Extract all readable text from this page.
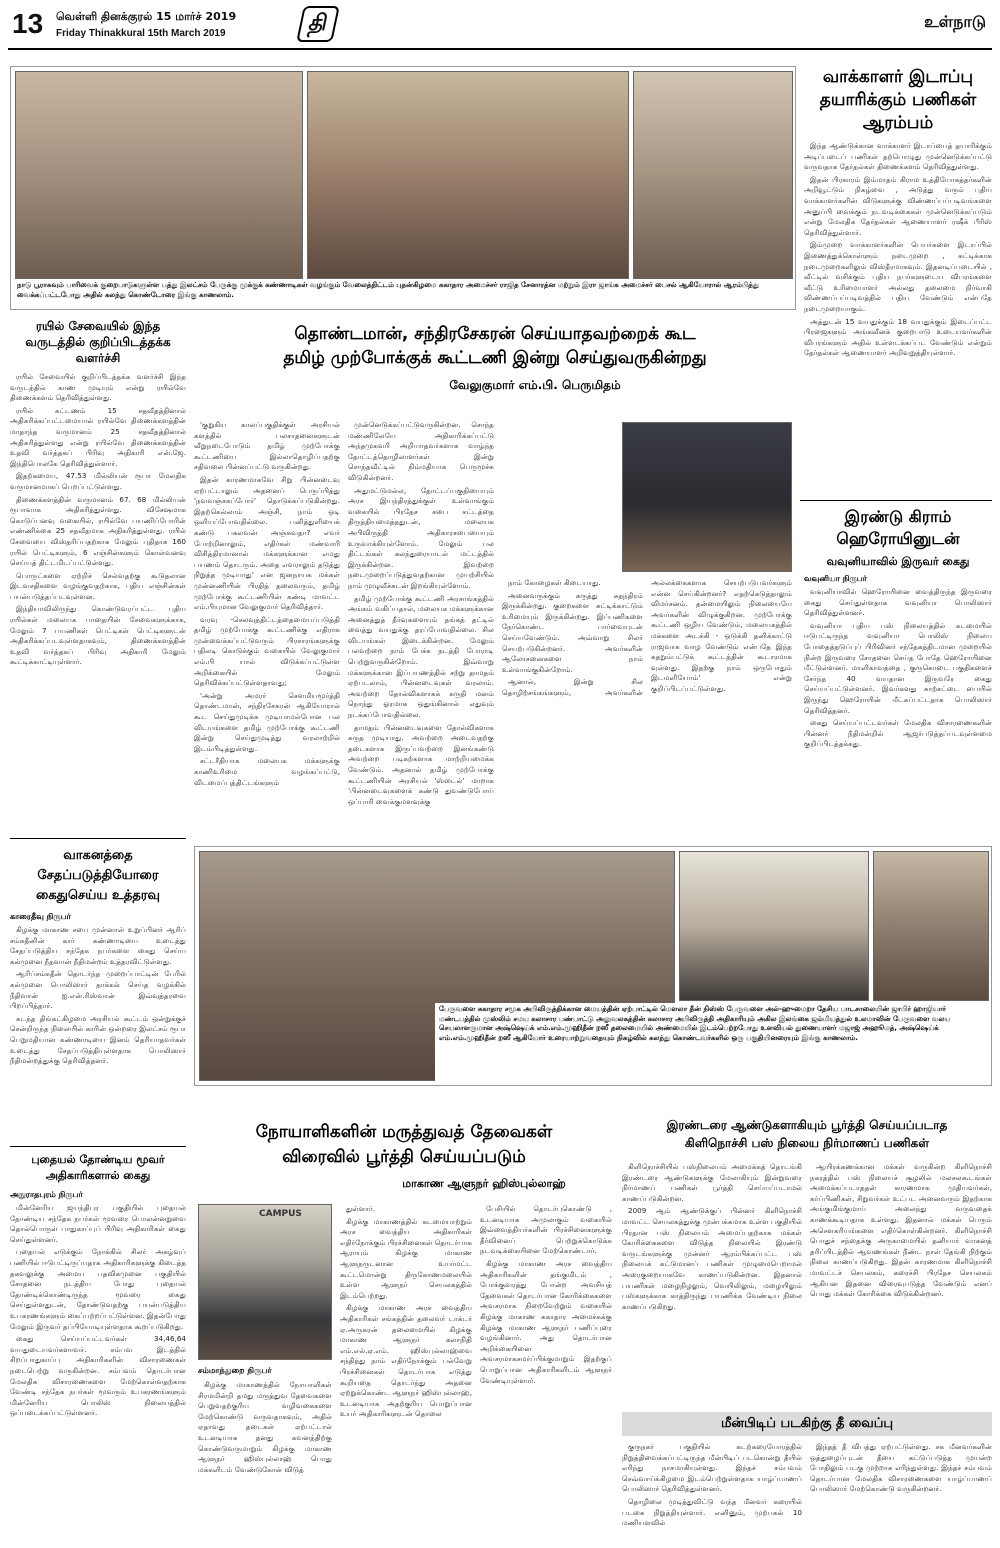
13 வெள்ளி தினக்குரல் 15 மார்ச் 2019
Friday Thinakkural 15th March 2019	தி	உள்நாடு
நாடு பூராகவும் பாரிவைக் குறைபாடுகளுள்ள பத்து இலட்சம் பேருக்கு முக்குக் கண்ணாடிகள் வழங்கும் வேலைத்திட்டம் புதன்கிழமை சுகாதார அமைச்சர் ராஜித சேனாரத்ன மற்றும் இரா ஜாங்க அமைச்சர் பைசல் ஆகியோரால் ஆரம்பித்து வைக்கப்பட்டபோது அதில் கலந்து கொண்டோரை இங்கு காணலாம்.
வாக்காளர் இடாப்பு தயாரிக்கும் பணிகள் ஆரம்பம்

இந்த ஆண்டுக்கான வாக்காளர் இடாப்பைத் தயாரிக்கும் அடிப்படைப் பணிகள் தற்பொழுது முன்னெடுக்கப்பட்டு வருவதாக தேர்தல்கள் திணைக்களம் தெரிவித்துள்ளது.

இதன் பிரகாரம் இம்மாதம் கிராம உத்தியோகத்தர்களின் அறிவூட்டும் நிகழ்வை , அடுத்து வரும் புதிய வாக்காளர்களின் விடுகளுக்கு விண்ணப்பப்படிவங்களை அனுப்பி வைக்கும் நடவடிக்கைகள் முன்னெடுக்கப்படும் என்று மேலதிக தேர்தல்கள் ஆணையாளர் ரஷீக் பீரிஸ் தெரிவித்துள்ளார்.

இம்முறை வாக்காளர்களின் பெயர்களை இடாப்பில் இணைத்துக்கொள்ளும் நடைமுறை , சுட்டிக்காக நடைமுறைகளிலும் விஸ்தீரமாகவும். இதனடிப்படையில் , வீட்டில் வசிக்கும் புதிய நபர்களுடைய விபரங்களை வீட்டு உரிமையாளர் அல்லது தலைமை நிர்வாகி விண்ணப்பப்படிவத்தில் பதிய வேண்டும் என்பதே நடைமுறையாகும்.

அத்துடன் 15 வயதுக்கும் 18 வயதுக்கும் இடைப்பட்ட பிரஜைகளும் அங்கவீனக் குறைபாடு உடையவர்களின் விபரங்களும் அதில் உள்ளடக்கப்பட வேண்டும் என்றும் தேர்தல்கள் ஆணையாளர் அறிவுறுத்தியுள்ளார்.

இரண்டு கிராம் ஹெரோயினுடன்
வவுனியாவில் இருவர் கைது
வவுனியா நிருபர்

வவுனியாவில் ஹெரோயினை வைத்திருந்த இருவரை கைது செய்துள்ளதாக வவுனியா பொலிஸார் தெரிவித்துள்ளனர்.

வவுனியா புதிய பஸ் நிலையத்தில் கடமையில் ஈடுபட்டிருந்த வவுனியா பொலிஸ் நிலைய போதைத்தடுப்புப் பிரிவினர் சந்தேகத்திடமான முறையில் நின்ற இருவரை சோதனை செய்த போதே ஹெரோயினை மீட்டுள்ளனர். மாளிகாவத்தை , குருகொடை பகுதிகளைச் சேர்ந்த 40 வயதான இருவரே கைது செய்யப்பட்டுள்ளனர். இவர்களது காற்சட்டை பையில் இருந்து ஹெரோயின் மீட்கப்பட்டதாக பொலிஸார் தெரிவித்தனர்.

கைது செய்யப்பட்டவர்கள் மேலதிக விசாரணைகளின் பின்னர் நீதிமன்றில் ஆஜர்படுத்தப்படவுள்ளமை குறிப்பிடத்தக்கது.

ரயில் சேவையில் இந்த வருடத்தில் குறிப்பிடத்தக்க வளர்ச்சி

ரயில் சேவையில் குறிப்பிடத்தக்க வளர்ச்சி இந்த வருடத்தில் காண முடியும் என்று ரயில்வே திணைக்களம் தெரிவித்துள்ளது.

ரயில் கட்டணம் 15 சதவீதத்தினால் அதிகரிக்கப்பட்டமையால் ரயில்வே திணைக்களத்தின் மாதாந்த வருமானம் 25 சதவீதத்தினால் அதிகரித்துள்ளது என்று ரயில்வே திணைக்களத்தின் உதவி வர்த்தகப் பிரிவு அதிகாரி என்.ஜே. இந்திபொலகே தெரிவித்துள்ளார்.

இதற்கமைய, 47.53 மில்லியன் ரூபா மேலதிக வருமானமாகப் பெறப்பட்டுள்ளது.

திணைக்களத்தின் வருமானம் 67. 68 மில்லியன் ரூபாவாக அதிகரித்துள்ளது. விசேஷமாக கொடுப்பனவு வகையில், ரயில்வே பயணிப்போரின் எண்ணிக்கை 25 சதவீதமாக அதிகரித்துள்ளது. ரயில் சேவையை விஸ்தரிப்பதற்காக மேலும் புதிதாக 160 ரயில் பெட்டிகளும், 6 எஞ்சின்களும் கொள்வனவு செய்யத் திட்டமிடப்பட்டுள்ளது.

பொருட்களை ஏற்றிச் செல்வதற்கு கூடுதலான இடவசதிகளை வழங்குவதற்காக, புதிய எஞ்சின்கள் பயன்படுத்தப்படவுள்ளன.

இந்தியாவிலிருந்து கொண்டுவரப்பட்ட புதிய ரயில்கள் மலையக பாதையின் சேவைகளுக்காக, மேலும் 7 பயணிகள் பெட்டிகள் பெட்டிகளுடன் அதிகரிக்கப்படவுள்ளதாகவும், திணைக்களத்தின் உதவி வர்த்தகப் பிரிவு அதிகாரி மேலும் கூட்டிக்காட்டியுள்ளார்.

தொண்டமான், சந்திரசேகரன் செய்யாதவற்றைக் கூட
தமிழ் முற்போக்குக் கூட்டணி இன்று செய்துவருகின்றது
வேலுகுமார் எம்.பி. பெருமிதம்

'குறுகிய காலப்பகுதிக்குள் அரசியல் களத்தில் பலசாதனைகளுடன் வீறுநடைபோடும் தமிழ் முற்போக்கு கூட்டணியை இல்லாதொழிப்பதற்கு சதிவலை பின்னப்பட்டு வருகின்றது.

இதன் காரணமாகவே சிறு பின்னடைவு ஏற்பட்டாலும் அதனைப் பெருப்பித்து 'நவவஞ்சகப்போர்' தொடுக்கப்படுகின்றது. இதற்கெல்லாம் அஞ்சி, நாம் ஒடி ஒளியப்போவதில்லை. பனித்துளியைக் கண்டு பகலவன் அஞ்சுவதா? எவர் போற்றினாலும், எதிர்கள் மண்வாரி விசித்திரமானால் மக்களுக்கான எமது பயணம் தொடரும். அதை எவராலும் தடுத்து நிறுத்த முடியாது' என ஜனநாயக மக்கள் முன்னணியின் பிரதித் தலைவரும், தமிழ் முற்போக்கு கூட்டணியின் கண்டி மாவட்ட எம்.பியுமான வேலுகுமார் தெரிவித்தார்.

வரவு -செலவுத்திட்டத்தைமையப்படுத்தி தமிழ் முற்போக்கு கூட்டணிக்கு எதிராக முன்வைக்கப்பட்டுவரும் பிரசாரங்களுக்கு பதிலடி கொடுக்கும் வகையில் வேலுகுமார் எம்.பி யால் விடுக்கப்பட்டுள்ள அறிக்கையில் மேலும் தெரிவிக்கப்பட்டுள்ளதாவது;

'அன்று அமரர் சௌமியமூர்த்தி தொண்டமான், சந்திரசேகரன் ஆகியோரால் கூட செய்துமுடிக்க முடியாமல்போன பல விடயங்களை தமிழ் முற்போக்கு கூட்டணி இன்று செய்துமுடித்து வரலாற்றில் இடம்பிடித்துள்ளது.

சட்டரீதியாக மலையக மக்களுக்கு காணிஉரிமை வழங்கப்பட்டு, விடமைப்புத்திட்டங்களும்

முன்னெடுக்கப்பட்டுவருகின்றன. சொந்த மண்ணிலேயே அதிகாரிக்கப்பட்டு அந்தமுகவரி அறியாதவர்களாக வாழ்ந்த தோட்டத்தொழிலாளர்கள் இன்று சொந்தவீட்டில் நிம்மதியாக பெருமூச்சு விடுகின்றனர்.

அதுமட்டுமல்ல, தோட்டப்பகுதியையும் அரச இயந்திரத்துக்குள் உள்வாங்கும் வகையில் பிரதேச சபை சட்டத்தை திருத்தியமைத்ததுடன், மலையக அபிவிருத்தி அதிகாரசபையையும் உருவாக்கியுள்ளோம். மேலும் பல திட்டங்கள் கலந்துரையாடல் மட்டத்தில் இருக்கின்றன. இவற்றை நடைமுறைப்படுத்துவதற்கான முயற்சியில் நாம் முழுவீச்சுடன் இறங்கியுள்ளோம்.

தமிழ் முற்போக்கு கூட்டணி அரசாங்கத்தில் அங்கம் வகிப்பதால், மலையக மக்களுக்கான அனைத்துத் தீர்வுகளையும் தங்கத் தட்டில் வைத்து வயதுக்கு தரப்போவதில்லை. சில விடயங்கள் இடைக்கின்றன. மேலும் பலவற்றை நாம் பேச்சு நடத்தி போராடி பெற்றுவருகின்றோம். இவ்வாறு மக்களுக்கான இப்பயணத்தில் சற்று தாமதம் ஏற்படலாம், பின்னடைவுகள் வரலாம். அவற்றை தோல்விகளாகக் கருதி மனம் நொந்து ஓரமாக ஒதுங்கினால் எதுவும் நடக்கப்போவதில்லை.

தாமதம் பின்னடைவுகளை தோல்விகளாக கருத முடியாது. அவற்றை அடைவதற்கு தடைகளாக இருப்பவற்றை இனங்கண்டு அவற்றை படிகற்களாக மாற்றியமைக்க வேண்டும். அதனால் தமிழ் முற்போக்கு கூட்டணியின் அரசியல் 'ஸ்டைல்' மாறாக 'பின்னடைவுகளைக் கண்டு துவண்டுபோய் ஒப்பாரி வைக்குமளவுக்கு

நாம் கோழைகள் கிடையாது.

அனைவருக்கும் கருத்து சுதந்திரம் இருக்கின்றது. குறைகளை சுட்டிக்காட்டும் உரிமையும் இருக்கின்றது. இப்பணிகளை நேர்கொண்ட பார்வையுடன் செய்யவேண்டும். அவ்வாறு சிலர் செயற்படுகின்றனர். அவர்களின் ஆலோசனைகளை நாம் உள்வாங்குகின்றோம்.

ஆனால், இன்று சில தொழிற்சங்கங்களும், அவர்களின் அல்லக்கைகளாக செயற்படுபவர்களும் என்ன செய்கின்றனர்? எதற்கெடுத்தாலும் விமர்சனம். தன்மையிலும் நிலையையே அவர்களின் விழுக்குகிறன. முற்போக்கு கூட்டணி ஒழிய வேண்டும், மலையகத்தில் மக்களை அடக்கி - ஒடுக்கி தனிக்காட்டு ராஜவாக வாழ வேண்டும் என்பதே இந்த கதறும்பட்டுக் கூட்டத்தின் கூடாரமாக வுள்ளது. இதற்கு நாம் ஒருபோதும் இடமளியோம்' என்று குறிப்பிடப்பட்டுள்ளது.

வாகனத்தை சேதப்படுத்தியோரை கைதுசெய்ய உத்தரவு
காரைதீவு நிருபர்

கிழக்கு மாகாண சபை முன்னாள் உறுப்பினர் ஆரிப் சம்சுதீனின் கார் கண்ணாடியை உடைத்து சேதப்படுத்திய சந்தேக நபர்களை கைது செய்ய கல்முனை நீதவான் நீதிமன்றம் உத்தரவிட்டுள்ளது.

ஆரிப்சம்சுதீன் தொடர்ந்த முறைப்பாட்டின் பேரில் கல்முனை பொலிஸார் தாக்கல் செய்த வழக்கில் நீதிவான் ஐ.என்.ரிஸ்வான் இவ்வுத்தரவை பிறப்பித்தார்.

கடந்த திங்கட்கிழமை அரசியல் கூட்டம் ஒன்றுக்குச் சென்றிருந்த நிலையில் காரின் ஒன்றரை இலட்சம் ரூபா பெறுமதியான கண்ணாடியை இனம் தெரியாதவர்கள் உடைத்து சேதப்படுத்தியுள்ளதாக பொலிஸார் நீதிமன்றத்துக்கு தெரிவித்தனர்.

பேருவளை சுகாதார சமூக அபிவிருத்திக்கான மையத்தின் ஏற்பாட்டில் மௌலா தீன் நிஸ்ஸ் பேருவளை அல்-ஹுமைறா தேசிய பாடசாலையின் ஜாபிர் ஹாஜியார் மண்டபத்தில் முஸ்லிம் சமய கலாசார பண்பாட்டு அலுவலகத்தின் கலாசார அபிவிருத்தி அதிகாரியும் அகில இலங்கை ஜம்மியத்துல் உலமாவின் பேருவளை வலய செயலாளருமான அஷ்ஷெய்க் எம்.எம்.முஹிதீன் றஸீ தலைமையில் அண்மையில் இடம்பெற்றபோது உளவியல் துணையாளர் மஜாஜ் அஹூமத், அஷ்ஷெய்க் எம்.எம்.முஹிதீன் றஸீ ஆகியோர் உரையாற்றுவதையும் நிகழ்வில் கலந்து கொண்டவர்களில் ஒரு பகுதியினரையும் இங்கு காணலாம்.
புதையல் தோண்டிய மூவர் அதிகாரிகளால் கைது
அநுராதபுரம் நிருபர்

மின்னேரிய ஜயந்திபுர பகுதியில் புதையல் தோண்டிய சந்தேக நபர்கள் மூவரை பொலன்னறுவை தொல்பொருள் பாதுகாப்புப் பிரிவு அதிகாரிகள் கைது செய்துள்ளனர்.

புதையல் எடுக்கும் நோக்கில் சிலர் அகழ்வுப் பணியில் ஈடுபட்டிருப்பதாக அதிகாரிகளுக்கு கிடைத்த தகவலுக்கு அமைய பதவிகமுனை பகுதியில் சோதனை நடத்திய போது புதையல் தோண்டிக்கொண்டிருந்த மூவரை கைது செய்துள்ளதுடன், தோண்டுவதற்கு பயன்படுத்திய உபகரணங்களும் கைப்பற்றப்பட்டுள்ளன. இதன்போது மேலும் இருவர் தப்பியோடியுள்ளதாக கூறப்படுகிறது.

கைது செய்யப்பட்டவர்கள் 34,46,64 வயதுடையவர்களாவர். சம்பவ இடத்தில் சிறப்பாதுகாப்பு அதிகாரிகளின் விசாரணைகள் நடைபெற்று வருகின்றன. சம்பவம் தொடர்பான மேலதிக விசாரணைகளை மேற்கொள்வதற்காக வேண்டி சந்தேக நபர்கள் மூவரும் உபகரணங்களும் மின்னேரிய பொலிஸ் நிலையத்தில் ஒப்படைக்கப்பட்டுள்ளனர்.

நோயாளிகளின் மருத்துவத் தேவைகள்
விரைவில் பூர்த்தி செய்யப்படும்
மாகாண ஆளுநர் ஹிஸ்புல்லாஹ்
CAMPUS
சம்மாந்துறை நிருபர்

கிழக்கு மாகாணத்தில் நோயாளிகள் சிரமமின்றி தமது மருத்துவ தேவைகளை பெறுவதற்குரிய வழிவகைகளை மேற்கொண்டு வருவதாகவும், அதில் ஏதாவது தடைகள் ஏற்பட்டால் உடனடியாக தனது கவனத்திற்கு கொண்டுவருமாறும் கிழக்கு மாகாண ஆளுநர் ஹிஸ்புல்லாஹ் பொது மக்களிடம் வேண்டுகோள் விடுத்

துள்ளார்.

கிழக்கு மாகாணத்தில் கடமையாற்றும் அரச வைத்திய அதிகாரிகள் எதிர்நோக்கும் பிரச்சினைகள் தொடர்பாக ஆராயும் கிழக்கு மாகாண ஆளுநருடனான உயர்மட்ட கூட்டமொன்று திருகோணமலையில் உள்ள ஆளுநர் செயலகத்தில் இடம்பெற்றது.

கிழக்கு மாகாண அரச வைத்திய அதிகாரிகள் சங்கத்தின் தலைவர் டாக்டர் ஏ.அருகரன் தலைமையில் கிழக்கு மாகாண ஆளுநர் கலாநிதி எம்.எல்.ஏ.எம். ஹிஸ்புல்லாஹ்வை சந்தித்து நாம் எதிர்நோக்கும் பல்வேறு பிரச்சினைகள் தொடர்பாக எடுத்து கூறியதை தொடர்ந்து அதனை ஏற்றுக்கொண்ட ஆளுநர் ஹிஸ்புல்லாஹ், உடனடியாக அதற்குரிய பொறுப்பான உயர் அதிகாரிகளுடன் தொலை

பேசியில் தொடர்புகொண்டு , உடனடியாக அமுலாகும் வகையில் இவ்வைத்தியர்களின் பிரச்சினைகளுக்கு தீர்வினைப் பெற்றுக்கொடுக்க நடவடிக்கையினை மேற்கொண்டார்.

கிழக்கு மாகாண அரச வைத்திய அதிகாரிகளின் தங்குமிடம் , போக்குவரத்து போன்ற அவசியத் தேவைகள் தொடர்பான கோரிக்கைகளை அவசரமாக நிறைவேற்றும் வகையில் கிழக்கு மாகாண சுகாதார அமைச்சுக்கு கிழக்கு மாகாண ஆளுநர் பணிப்புரை வழங்கினார். அது தொடர்பான அறிக்கையினை அவசரமாகசமர்ப்பிக்குமாறும் இதற்குப் பொறுப்பான அதிகாரிகளிடம் ஆளுநர் வேண்டியுள்ளார்.

இரண்டரை ஆண்டுகளாகியும் பூர்த்தி செய்யப்படாத
கிளிநொச்சி பஸ் நிலைய நிர்மாணப் பணிகள்

கிளிநொச்சியில் பஸ்நிலையம் அமைக்கத் தொடங்கி இரண்டரை ஆண்டுகளுக்கு மேலாகியும் இன்றுவரை நிர்மாணப் பணிகள் பூர்த்தி செய்யப்படாமல் காணப்படுகின்றன.

2009 ஆம் ஆண்டுக்குப் பின்னர் கிளிநொச்சி மாவட்ட செயலகத்துக்கு முன்பக்கமாக உள்ள பகுதியில் பிரதான பஸ் நிலையம் அமைப்பதற்காக மக்கள் கோரிக்கைகளை விடுத்த நிலையில் இரண்டு வருடங்களுக்கு முன்னர் ஆரம்பிக்கப்பட்ட பஸ் நிலையக் கட்டுமானப் பணிகள் முழுமைபெறாமல் அரைகுறையாகவே காணப்படுகின்றன. இதனால் பயணிகள் மழைநிழலும், வெயிலிலும், மழையிலும் பஸ்களுக்காக காத்திருந்து பயணிக்க வேண்டிய நிலை காணப்படுகிறது.

ஆயிரக்கணக்கான மக்கள் வருகின்ற கிளிநொச்சி நகரத்தில் பஸ் நிலையச் சூழலில் மலசலகூடங்கள் அமைக்கப்படாததன் காரணமாக முதியவர்கள், கர்ப்பிணிகள், சிறுவர்கள் உட்பட அனைவரும் இதற்காக அங்குமிங்குமாய் அலைந்து வருவதைக் காணக்கூடியதாக உள்ளது. இதனால் மக்கள் பெரும் அசௌகரியங்களை எதிர்கொள்கின்றனர். கிளிநொச்சி பொதுச் சந்தைக்கு அருகாமையில் தனியார் வாகனத் தரிப்பிடத்தில் ஆவணங்கள் நீண்ட நாள் தேங்கி நிற்கும் நிலை காணப்படுகிறது. இதன் காரணமாக கிளிநொச்சி மாவட்டச் செயலகம், கரைச்சி பிரதேச செயலகம் ஆகியன இதனை விரைவுபடுத்த வேண்டும் எனப் பொது மக்கள் கோரிக்கை விடுக்கின்றனர்.

மீன்பிடிப் படகிற்கு தீ வைப்பு

குருநகர் பகுதியில் கடற்கரையோரத்தில் நிறுத்திவைக்கப்பட்டிருந்த மீன்பிடிப் படகொன்று தீயில் எரிந்து நாசமாகியுள்ளது. இந்தச் சம்பவம் செவ்வாய்க்கிழமை இடம்பெற்றுள்ளதாக யாழ்ப்பாணப் பொலிஸார் தெரிவித்துள்ளனர்.

தொழிலை முடித்துவிட்டு வந்த மீனவர் கரையில் படகை நிறுத்தியுள்ளார். எனினும், முற்பகல் 10 மணியளவில்

இந்தத் தீ விபத்து ஏற்பட்டுள்ளது. சக மீனவர்களின் ஒத்துழைப்புடன் தீயை கட்டுப்படுத்த முயன்ற போதிலும் படகு முற்றாக எரிந்துள்ளது. இந்தச் சம்பவம் தொடர்பான மேலதிக விசாரணைகளை யாழ்ப்பாணப் பொலிஸார் மேற்கொண்டு வருகின்றனர்.
